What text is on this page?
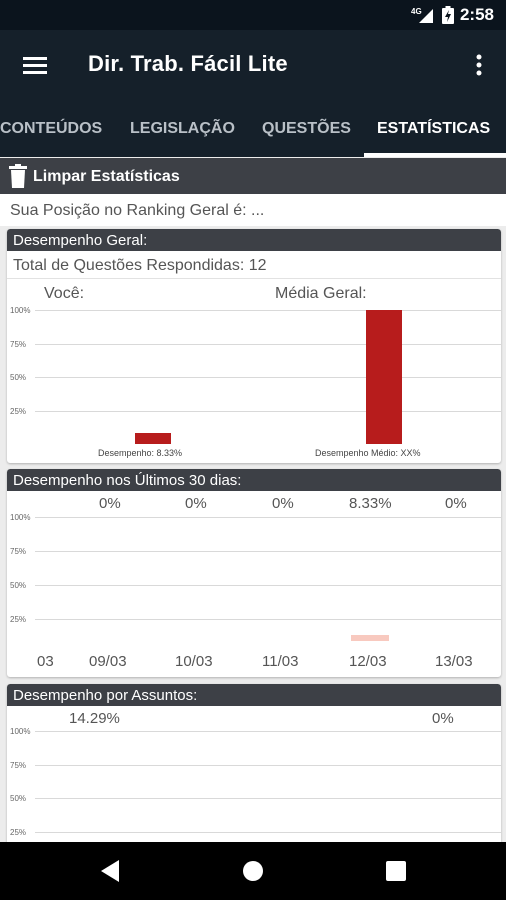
4G 2:58
Dir. Trab. Fácil Lite
CONTEÚDOS LEGISLAÇÃO QUESTÕES ESTATÍSTICAS
Limpar Estatísticas
Sua Posição no Ranking Geral é: ...
Desempenho Geral:
Total de Questões Respondidas: 12
Você:	Média Geral:
Desempenho: 8.33%	Desempenho Médio: XX%
100%
75%
50%
25%
Desempenho nos Últimos 30 dias:
100%
75%
50%
25%
0%	0%	0%	8.33%	0%
03 09/03	10/03	11/03	12/03	13/03
Desempenho por Assuntos:
100%
75%
50%
25%
14.29%	0%
